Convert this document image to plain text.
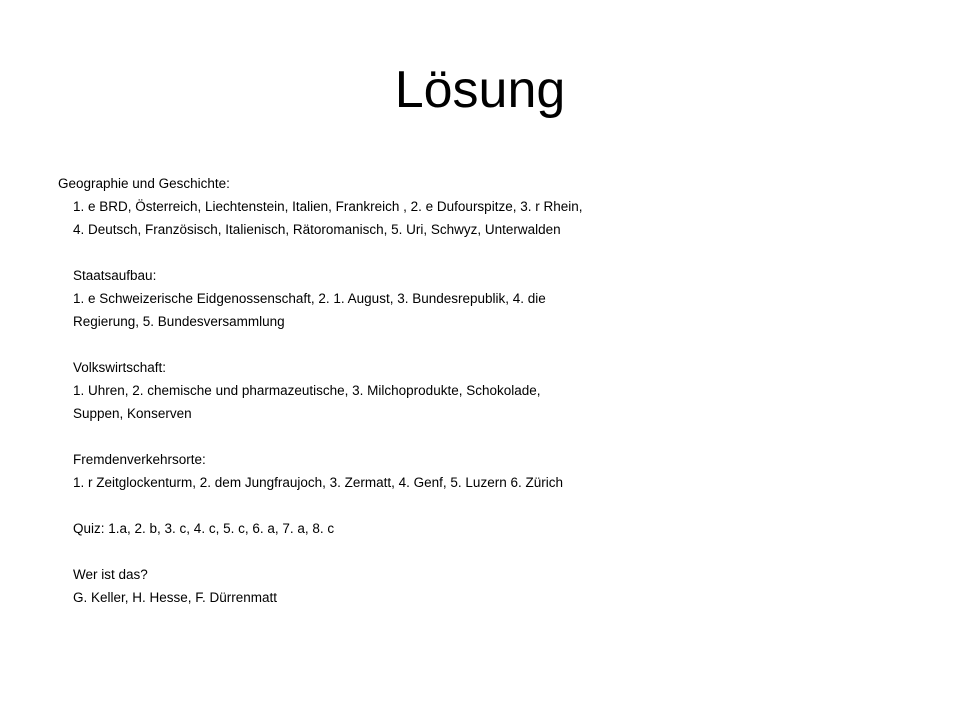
Lösung
Geographie und Geschichte:
1. e BRD, Österreich, Liechtenstein, Italien, Frankreich , 2. e Dufourspitze, 3. r Rhein,
4. Deutsch, Französisch, Italienisch, Rätoromanisch, 5. Uri, Schwyz, Unterwalden
Staatsaufbau:
1. e Schweizerische Eidgenossenschaft, 2. 1. August, 3. Bundesrepublik, 4. die
Regierung, 5. Bundesversammlung
Volkswirtschaft:
1. Uhren, 2. chemische und pharmazeutische, 3. Milchoprodukte, Schokolade,
Suppen, Konserven
Fremdenverkehrsorte:
1. r Zeitglockenturm, 2. dem Jungfraujoch, 3. Zermatt, 4. Genf, 5. Luzern 6. Zürich
Quiz: 1.a, 2. b, 3. c, 4. c, 5. c, 6. a, 7. a, 8. c
Wer ist das?
G. Keller, H. Hesse, F. Dürrenmatt
